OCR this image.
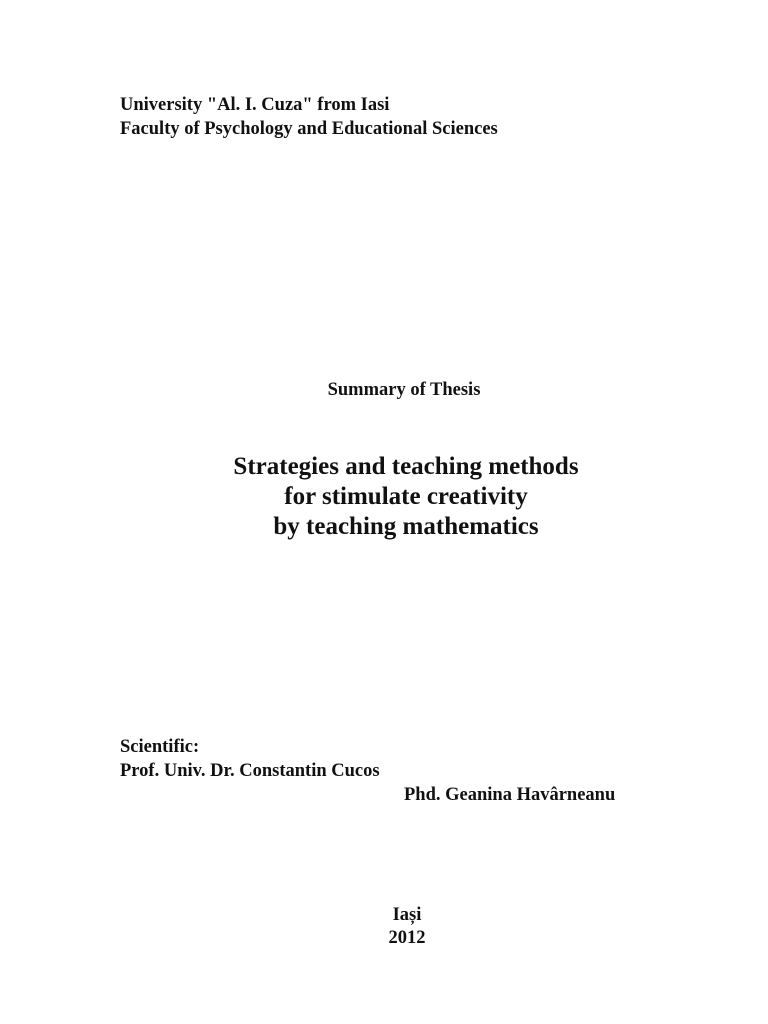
University "Al. I. Cuza" from Iasi

Faculty of Psychology and Educational Sciences

Summary of Thesis

Strategies and teaching methods
for stimulate creativity
by teaching mathematics

Scientific:

Prof. Univ. Dr. Constantin Cucos

Phd. Geanina Havârneanu

Iași

2012
